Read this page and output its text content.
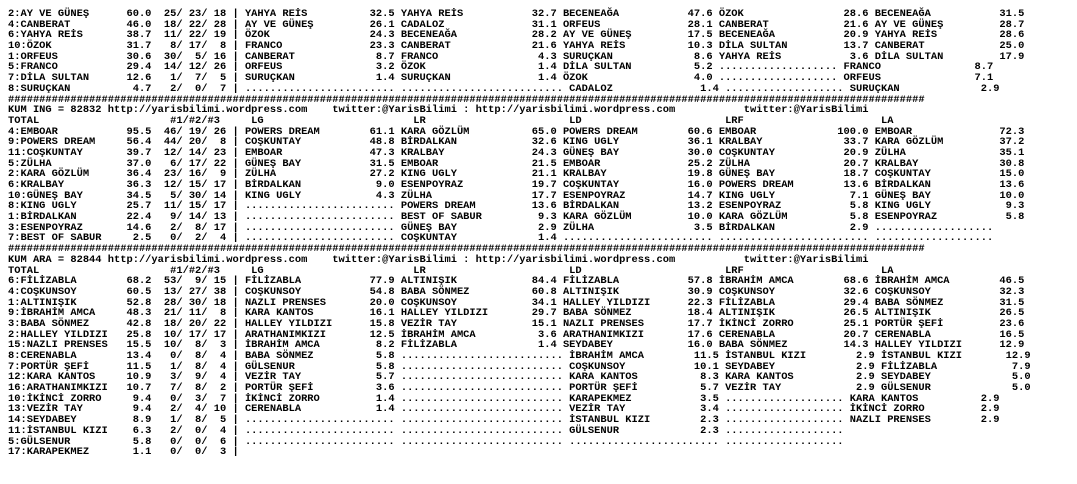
2:AY VE GÜNEŞ      60.0  25/ 23/ 18 | YAHYA REİS          32.5 YAHYA REİS           32.7 BECENEAĞA           47.6 ÖZOK                28.6 BECENEAĞA           31.5
4:CANBERAT         46.0  18/ 22/ 28 | AY VE GÜNEŞ         26.1 CADALOZ              31.1 ORFEUS              28.1 CANBERAT            21.6 AY VE GÜNEŞ         28.7
6:YAHYA REİS       38.7  11/ 22/ 19 | ÖZOK                24.3 BECENEAĞA            28.2 AY VE GÜNEŞ         17.5 BECENEAĞA           20.9 YAHYA REİS          28.6
10:ÖZOK            31.7   8/ 17/  8 | FRANCO              23.3 CANBERAT             21.6 YAHYA REİS          10.3 DİLA SULTAN         13.7 CANBERAT            25.0
1:ORFEUS           30.6  30/  5/ 16 | CANBERAT             8.7 FRANCO                4.3 SURUÇKAN             8.6 YAHYA REİS           3.6 DİLA SULTAN         17.9
5:FRANCO           29.4  14/ 12/ 26 | ORFEUS               3.2 ÖZOK                  1.4 DİLA SULTAN          5.2 ................... FRANCO               8.7
7:DİLA SULTAN      12.6   1/  7/  5 | SURUÇKAN             1.4 SURUÇKAN              1.4 ÖZOK                 4.0 ................... ORFEUS               7.1
8:SURUÇKAN          4.7   2/  0/  7 | ........................ .......................... CADALOZ              1.4 ................... SURUÇKAN             2.9
###################################################################################################################################################
KUM ING = 82832 http://yarisbilimi.wordpress.com    twitter:@YarisBilimi : http://yarisbilimi.wordpress.com           twitter:@YarisBilimi
TOTAL                     #1/#2/#3     LG                        LR                       LD                       LRF                      LA
4:EMBOAR           95.5  46/ 19/ 26 | POWERS DREAM        61.1 KARA GÖZLÜM          65.0 POWERS DREAM        60.6 EMBOAR             100.0 EMBOAR              72.3
9:POWERS DREAM     56.4  44/ 20/  8 | COŞKUNTAY           48.8 BİRDALKAN            32.6 KING UGLY           36.1 KRALBAY             33.7 KARA GÖZLÜM         37.2
11:COŞKUNTAY       39.7  12/ 14/ 23 | EMBOAR              47.3 KRALBAY              24.3 GÜNEŞ BAY           30.0 COŞKUNTAY           20.9 ZÜLHA               35.1
5:ZÜLHA            37.0   6/ 17/ 22 | GÜNEŞ BAY           31.5 EMBOAR               21.5 EMBOAR              25.2 ZÜLHA               20.7 KRALBAY             30.8
2:KARA GÖZLÜM      36.4  23/ 16/  9 | ZÜLHA               27.2 KING UGLY            21.1 KRALBAY             19.8 GÜNEŞ BAY           18.7 COŞKUNTAY           15.0
6:KRALBAY          36.3  12/ 15/ 17 | BİRDALKAN            9.0 ESENPOYRAZ           19.7 COŞKUNTAY           16.0 POWERS DREAM        13.6 BİRDALKAN           13.6
10:GÜNEŞ BAY       34.5   5/ 30/ 14 | KING UGLY            4.3 ZÜLHA                17.7 ESENPOYRAZ          14.7 KING UGLY            7.1 GÜNEŞ BAY           10.0
8:KING UGLY        25.7  11/ 15/ 17 | ........................ POWERS DREAM         13.6 BİRDALKAN           13.2 ESENPOYRAZ           5.8 KING UGLY            9.3
1:BİRDALKAN        22.4   9/ 14/ 13 | ........................ BEST OF SABUR         9.3 KARA GÖZLÜM         10.0 KARA GÖZLÜM          5.8 ESENPOYRAZ           5.8
3:ESENPOYRAZ       14.6   2/  8/ 17 | ........................ GÜNEŞ BAY             2.9 ZÜLHA                3.5 BİRDALKAN            2.9 ...................
7:BEST OF SABUR     2.5   0/  2/  4 | ........................ COŞKUNTAY             1.4 ........................ ........................ ...................
###################################################################################################################################################
KUM ARA = 82844 http://yarisbilimi.wordpress.com    twitter:@YarisBilimi : http://yarisbilimi.wordpress.com           twitter:@YarisBilimi
TOTAL                     #1/#2/#3     LG                        LR                       LD                       LRF                      LA
6:FİLİZABLA        68.2  53/  9/ 15 | FİLİZABLA           77.9 ALTINIŞIK            84.4 FİLİZABLA           57.8 İBRAHİM AMCA        68.6 İBRAHİM AMCA        46.5
4:COŞKUNSOY        60.5  13/ 27/ 38 | COŞKUNSOY           54.8 BABA SÖNMEZ          60.8 ALTINIŞIK           30.9 COŞKUNSOY           32.6 COŞKUNSOY           32.3
1:ALTINIŞIK        52.8  28/ 30/ 18 | NAZLI PRENSES       20.0 COŞKUNSOY            34.1 HALLEY YILDIZI      22.3 FİLİZABLA           29.4 BABA SÖNMEZ         31.5
9:İBRAHİM AMCA     48.3  21/ 11/  8 | KARA KANTOS         16.1 HALLEY YILDIZI       29.7 BABA SÖNMEZ         18.4 ALTINIŞIK           26.5 ALTINIŞIK           26.5
3:BABA SÖNMEZ      42.8  18/ 20/ 22 | HALLEY YILDIZI      15.8 VEZİR TAY            15.1 NAZLI PRENSES       17.7 İKİNCİ ZORRO        25.1 PORTÜR ŞEFİ         23.6
2:HALLEY YILDIZI   25.8  10/ 17/ 17 | ARATHANIMKIZI       12.5 İBRAHİM AMCA          3.6 ARATHANIMKIZI       17.6 CERENABLA           20.7 CERENABLA           16.5
15:NAZLI PRENSES   15.5  10/  8/  3 | İBRAHİM AMCA         8.2 FİLİZABLA             1.4 SEYDABEY            16.0 BABA SÖNMEZ         14.3 HALLEY YILDIZI      12.9
8:CERENABLA        13.4   0/  8/  4 | BABA SÖNMEZ          5.8 .......................... İBRAHİM AMCA        11.5 İSTANBUL KIZI        2.9 İSTANBUL KIZI       12.9
7:PORTÜR ŞEFİ      11.5   1/  8/  4 | GÜLSENUR             5.8 .......................... COŞKUNSOY           10.1 SEYDABEY             2.9 FİLİZABLA            7.9
12:KARA KANTOS     10.9   3/  9/  4 | VEZİR TAY            5.7 .......................... KARA KANTOS          8.3 KARA KANTOS          2.9 SEYDABEY             5.0
16:ARATHANIMKIZI   10.7   7/  8/  2 | PORTÜR ŞEFİ          3.6 .......................... PORTÜR ŞEFİ          5.7 VEZİR TAY            2.9 GÜLSENUR             5.0
10:İKİNCİ ZORRO     9.4   0/  3/  7 | İKİNCİ ZORRO         1.4 .......................... KARAPEKMEZ           3.5 ................... KARA KANTOS          2.9
13:VEZİR TAY        9.4   2/  4/ 10 | CERENABLA            1.4 .......................... VEZİR TAY            3.4 ................... İKİNCİ ZORRO         2.9
14:SEYDABEY         8.9   1/  8/  5 | ........................ .......................... İSTANBUL KIZI        2.3 ................... NAZLI PRENSES        2.9
11:İSTANBUL KIZI    6.3   2/  0/  4 | ........................ .......................... GÜLSENUR             2.3 ...................
5:GÜLSENUR          5.8   0/  0/  6 | ........................ .......................... ........................ ...................
17:KARAPEKMEZ       1.1   0/  0/  3 |
